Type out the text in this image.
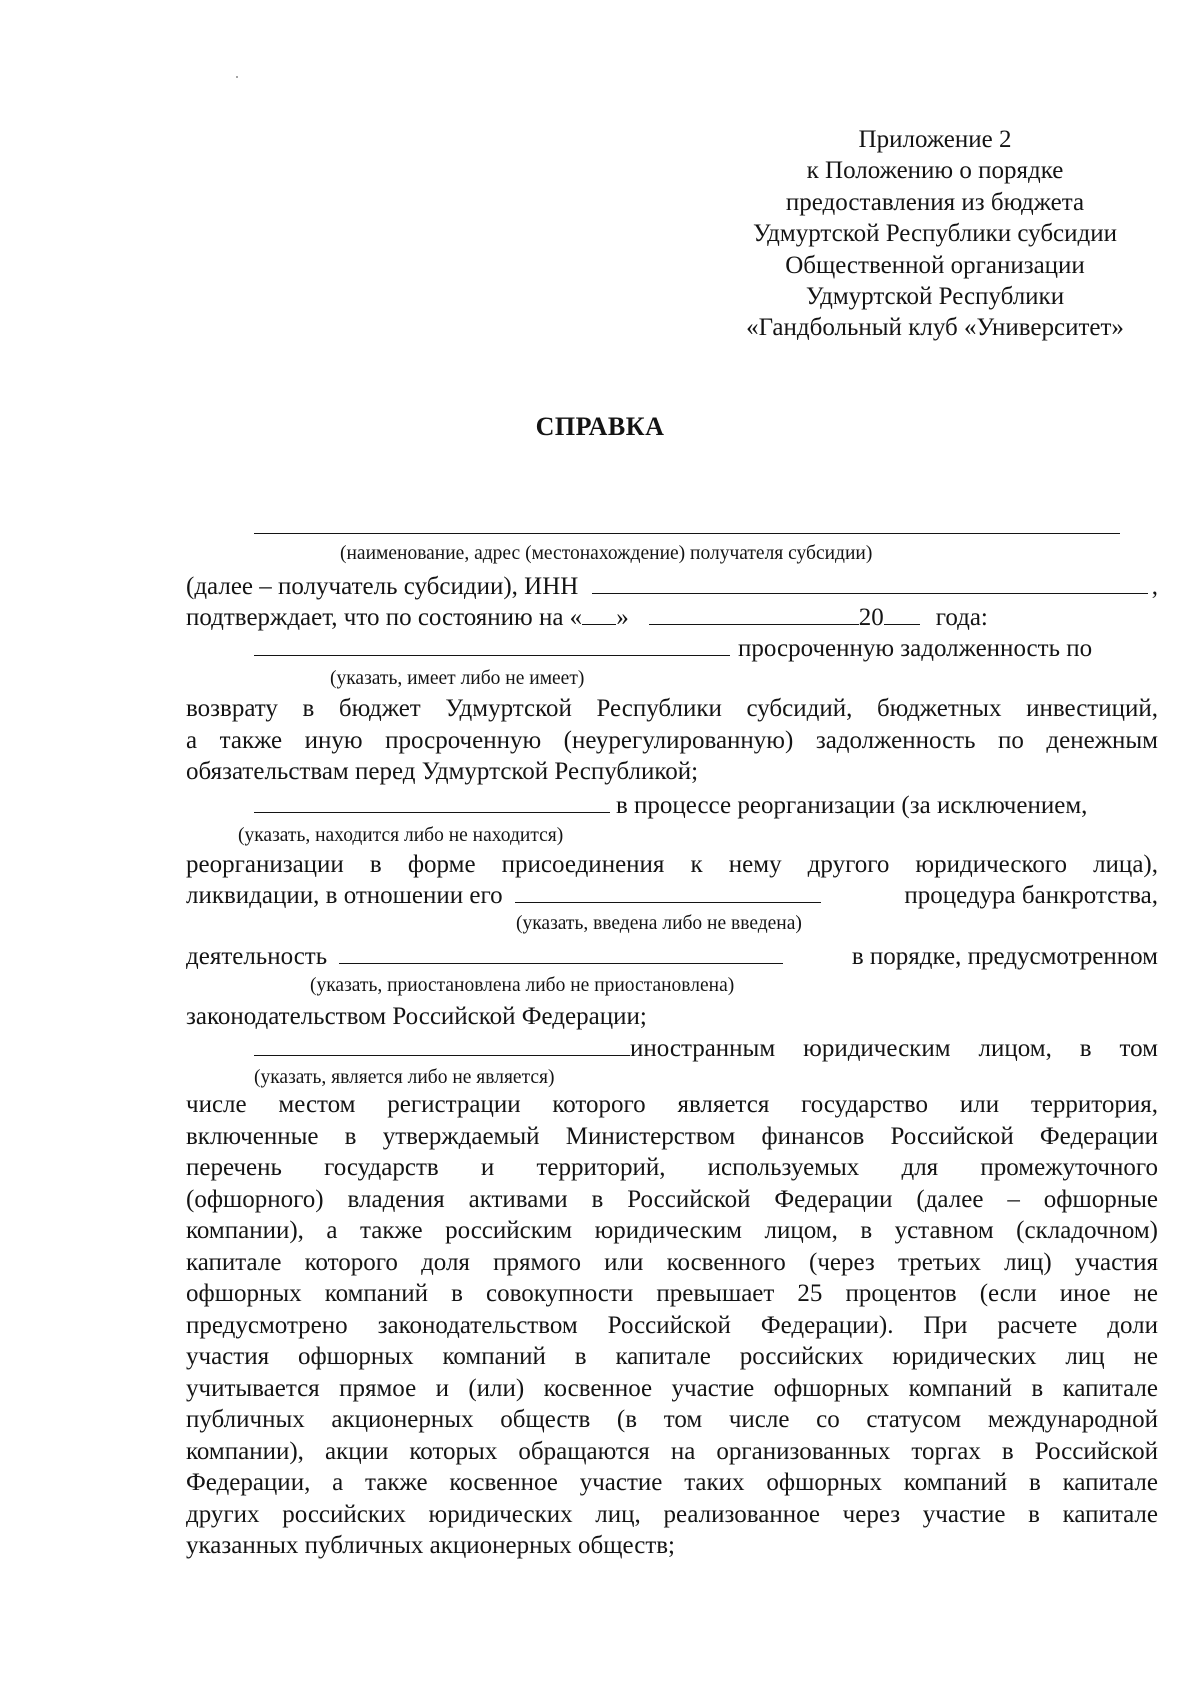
Приложение 2
к Положению о порядке
предоставления из бюджета
Удмуртской Республики субсидии
Общественной организации
Удмуртской Республики
«Гандбольный клуб «Университет»
СПРАВКА
(наименование, адрес (местонахождение) получателя субсидии)
(далее – получатель субсидии), ИНН	,
подтверждает, что по состоянию на « »	20 года:
просроченную задолженность по
(указать, имеет либо не имеет)
возврату в бюджет Удмуртской Республики субсидий, бюджетных инвестиций,
а также иную просроченную (неурегулированную) задолженность по денежным
обязательствам перед Удмуртской Республикой;
в процессе реорганизации (за исключением,
(указать, находится либо не находится)
реорганизации в форме присоединения к нему другого юридического лица),
ликвидации, в отношении его	процедура банкротства,
(указать, введена либо не введена)
деятельность	в порядке, предусмотренном
(указать, приостановлена либо не приостановлена)
законодательством Российской Федерации;
иностранным юридическим лицом, в том
(указать, является либо не является)
числе местом регистрации которого является государство или территория,
включенные в утверждаемый Министерством финансов Российской Федерации
перечень государств и территорий, используемых для промежуточного
(офшорного) владения активами в Российской Федерации (далее – офшорные
компании), а также российским юридическим лицом, в уставном (складочном)
капитале которого доля прямого или косвенного (через третьих лиц) участия
офшорных компаний в совокупности превышает 25 процентов (если иное не
предусмотрено законодательством Российской Федерации). При расчете доли
участия офшорных компаний в капитале российских юридических лиц не
учитывается прямое и (или) косвенное участие офшорных компаний в капитале
публичных акционерных обществ (в том числе со статусом международной
компании), акции которых обращаются на организованных торгах в Российской
Федерации, а также косвенное участие таких офшорных компаний в капитале
других российских юридических лиц, реализованное через участие в капитале
указанных публичных акционерных обществ;
